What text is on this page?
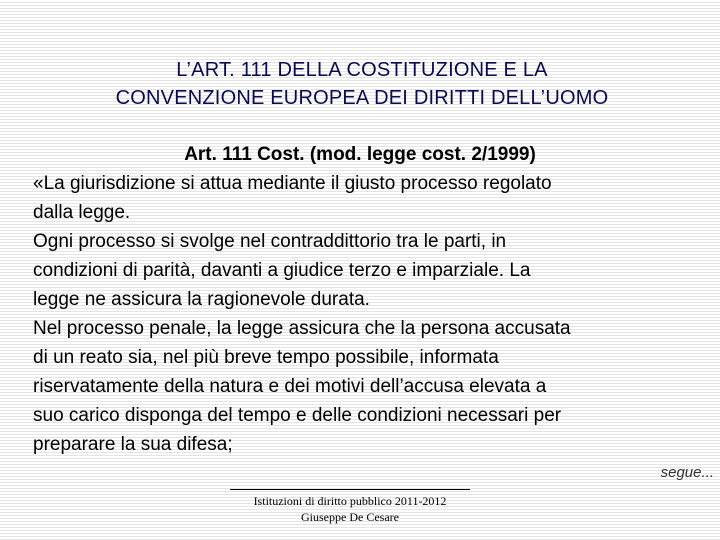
L’ART. 111 DELLA COSTITUZIONE E LA
CONVENZIONE EUROPEA DEI DIRITTI DELL’UOMO
Art. 111 Cost. (mod. legge cost. 2/1999)
«La giurisdizione si attua mediante il giusto processo regolato
dalla legge.
Ogni processo si svolge nel contraddittorio tra le parti, in
condizioni di parità, davanti a giudice terzo e imparziale. La
legge ne assicura la ragionevole durata.
Nel processo penale, la legge assicura che la persona accusata
di un reato sia, nel più breve tempo possibile, informata
riservatamente della natura e dei motivi dell’accusa elevata a
suo carico disponga del tempo e delle condizioni necessari per
preparare la sua difesa;
segue...
Istituzioni di diritto pubblico 2011-2012
Giuseppe De Cesare
